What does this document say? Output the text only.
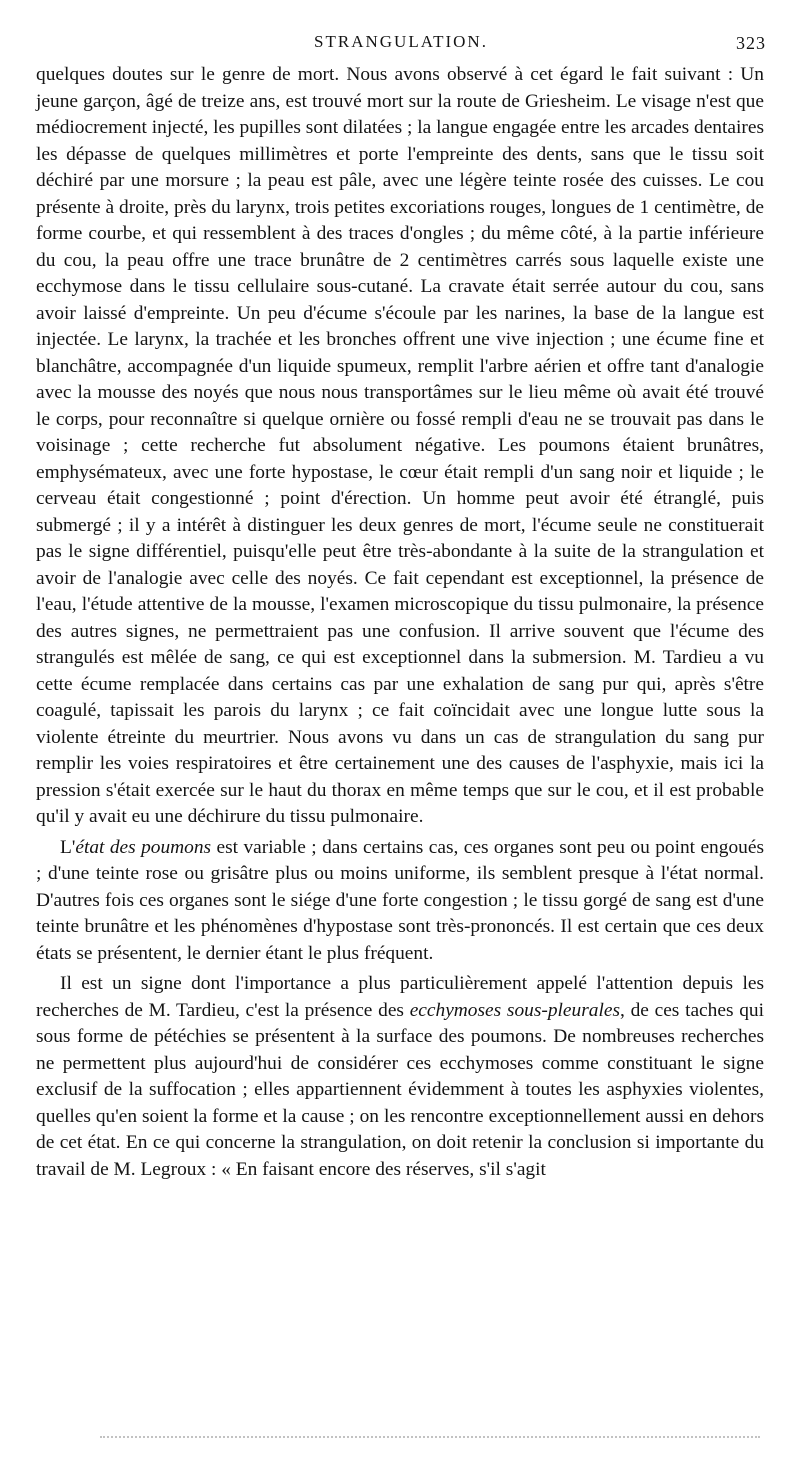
STRANGULATION.	323

quelques doutes sur le genre de mort. Nous avons observé à cet égard le fait suivant : Un jeune garçon, âgé de treize ans, est trouvé mort sur la route de Griesheim. Le visage n'est que médiocrement injecté, les pupilles sont dilatées ; la langue engagée entre les arcades dentaires les dépasse de quelques millimètres et porte l'empreinte des dents, sans que le tissu soit déchiré par une morsure ; la peau est pâle, avec une légère teinte rosée des cuisses. Le cou présente à droite, près du larynx, trois petites excoriations rouges, longues de 1 centimètre, de forme courbe, et qui ressemblent à des traces d'ongles ; du même côté, à la partie inférieure du cou, la peau offre une trace brunâtre de 2 centimètres carrés sous laquelle existe une ecchymose dans le tissu cellulaire sous-cutané. La cravate était serrée autour du cou, sans avoir laissé d'empreinte. Un peu d'écume s'écoule par les narines, la base de la langue est injectée. Le larynx, la trachée et les bronches offrent une vive injection ; une écume fine et blanchâtre, accompagnée d'un liquide spumeux, remplit l'arbre aérien et offre tant d'analogie avec la mousse des noyés que nous nous transportâmes sur le lieu même où avait été trouvé le corps, pour reconnaître si quelque ornière ou fossé rempli d'eau ne se trouvait pas dans le voisinage ; cette recherche fut absolument négative. Les poumons étaient brunâtres, emphysémateux, avec une forte hypostase, le cœur était rempli d'un sang noir et liquide ; le cerveau était congestionné ; point d'érection. Un homme peut avoir été étranglé, puis submergé ; il y a intérêt à distinguer les deux genres de mort, l'écume seule ne constituerait pas le signe différentiel, puisqu'elle peut être très-abondante à la suite de la strangulation et avoir de l'analogie avec celle des noyés. Ce fait cependant est exceptionnel, la présence de l'eau, l'étude attentive de la mousse, l'examen microscopique du tissu pulmonaire, la présence des autres signes, ne permettraient pas une confusion. Il arrive souvent que l'écume des strangulés est mêlée de sang, ce qui est exceptionnel dans la submersion. M. Tardieu a vu cette écume remplacée dans certains cas par une exhalation de sang pur qui, après s'être coagulé, tapissait les parois du larynx ; ce fait coïncidait avec une longue lutte sous la violente étreinte du meurtrier. Nous avons vu dans un cas de strangulation du sang pur remplir les voies respiratoires et être certainement une des causes de l'asphyxie, mais ici la pression s'était exercée sur le haut du thorax en même temps que sur le cou, et il est probable qu'il y avait eu une déchirure du tissu pulmonaire.

L'état des poumons est variable ; dans certains cas, ces organes sont peu ou point engoués ; d'une teinte rose ou grisâtre plus ou moins uniforme, ils semblent presque à l'état normal. D'autres fois ces organes sont le siége d'une forte congestion ; le tissu gorgé de sang est d'une teinte brunâtre et les phénomènes d'hypostase sont très-prononcés. Il est certain que ces deux états se présentent, le dernier étant le plus fréquent.

Il est un signe dont l'importance a plus particulièrement appelé l'attention depuis les recherches de M. Tardieu, c'est la présence des ecchymoses sous-pleurales, de ces taches qui sous forme de pétéchies se présentent à la surface des poumons. De nombreuses recherches ne permettent plus aujourd'hui de considérer ces ecchymoses comme constituant le signe exclusif de la suffocation ; elles appartiennent évidemment à toutes les asphyxies violentes, quelles qu'en soient la forme et la cause ; on les rencontre exceptionnellement aussi en dehors de cet état. En ce qui concerne la strangulation, on doit retenir la conclusion si importante du travail de M. Legroux : « En faisant encore des réserves, s'il s'agit
